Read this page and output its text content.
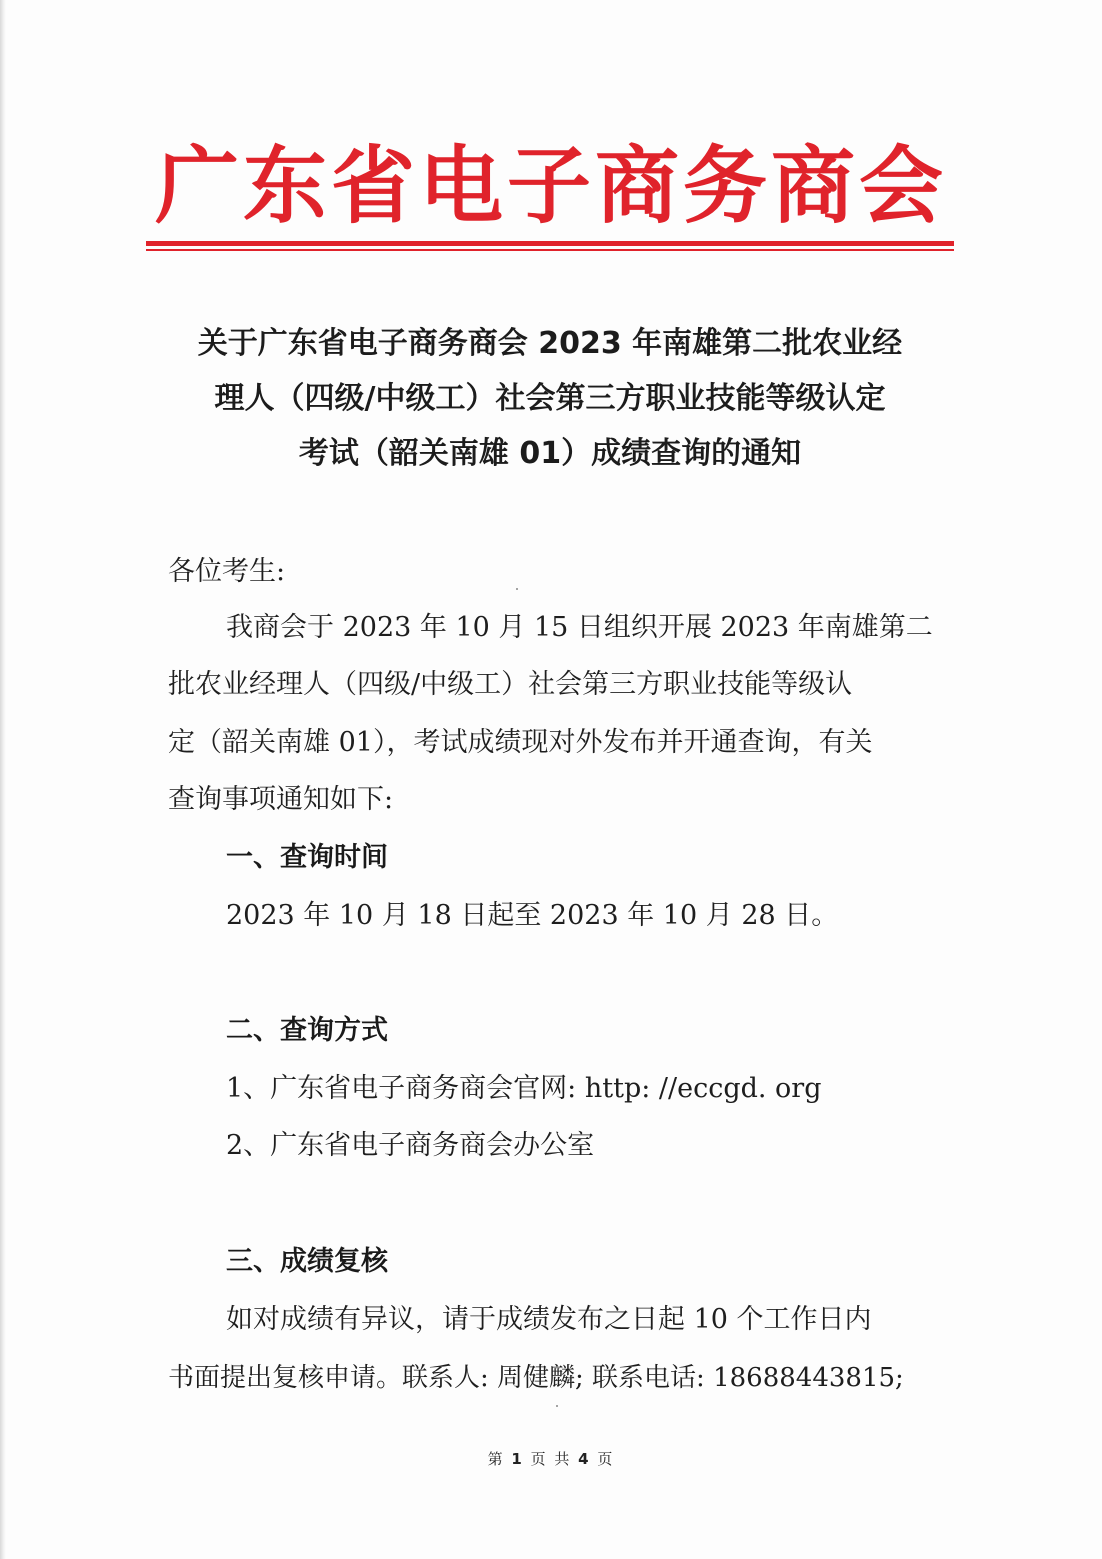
广东省电子商务商会
关于广东省电子商务商会 2023 年南雄第二批农业经
理人（四级/中级工）社会第三方职业技能等级认定
考试（韶关南雄 01）成绩查询的通知
各位考生:
我商会于 2023 年 10 月 15 日组织开展 2023 年南雄第二
批农业经理人（四级/中级工）社会第三方职业技能等级认
定（韶关南雄 01），考试成绩现对外发布并开通查询，有关
查询事项通知如下:
一、查询时间
2023 年 10 月 18 日起至 2023 年 10 月 28 日。
二、查询方式
1、广东省电子商务商会官网: http: //eccgd. org
2、广东省电子商务商会办公室
三、成绩复核
如对成绩有异议，请于成绩发布之日起 10 个工作日内
书面提出复核申请。联系人: 周健麟; 联系电话: 18688443815;
第 1 页 共 4 页
